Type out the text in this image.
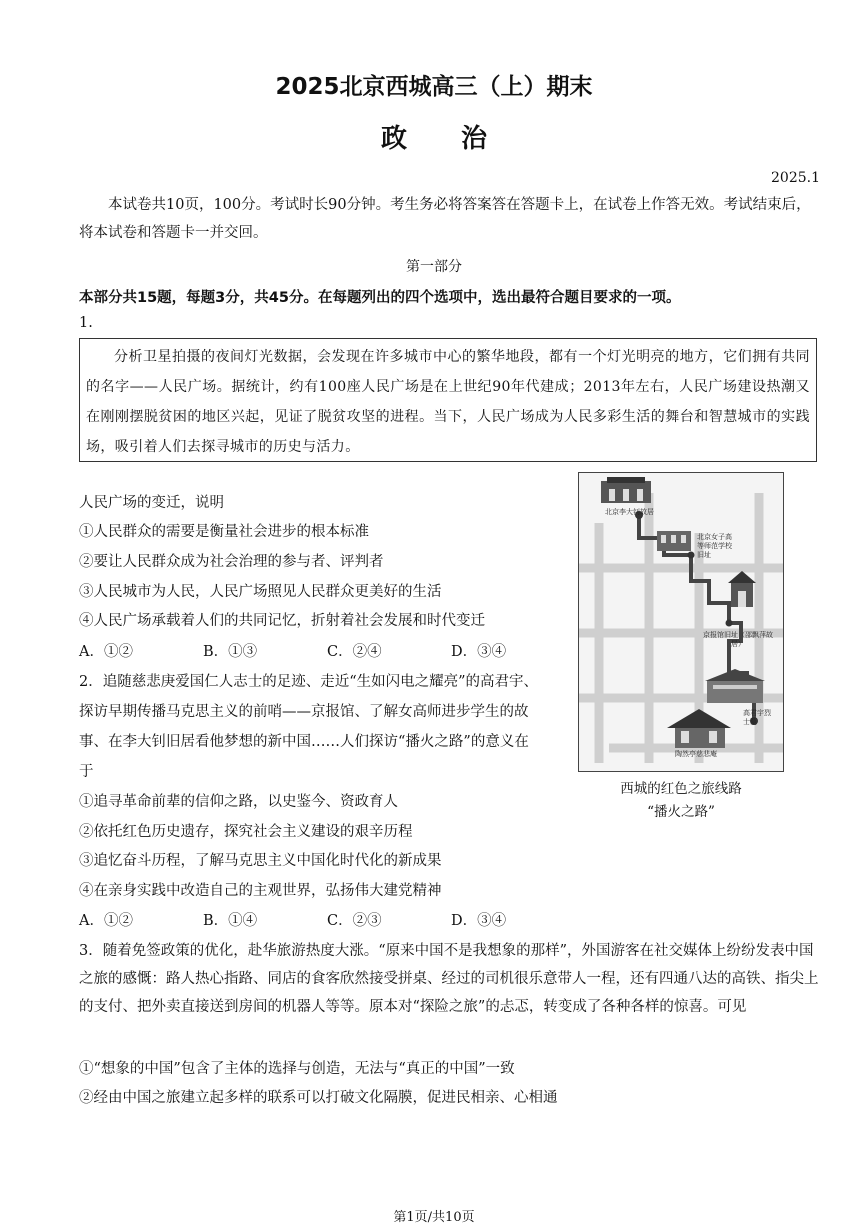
2025北京西城高三（上）期末
政治
2025.1
本试卷共10页，100分。考试时长90分钟。考生务必将答案答在答题卡上，在试卷上作答无效。考试结束后，将本试卷和答题卡一并交回。
第一部分
本部分共15题，每题3分，共45分。在每题列出的四个选项中，选出最符合题目要求的一项。
1.

分析卫星拍摄的夜间灯光数据，会发现在许多城市中心的繁华地段，都有一个灯光明亮的地方，它们拥有共同的名字——人民广场。据统计，约有100座人民广场是在上世纪90年代建成；2013年左右，人民广场建设热潮又在刚刚摆脱贫困的地区兴起，见证了脱贫攻坚的进程。当下，人民广场成为人民多彩生活的舞台和智慧城市的实践场，吸引着人们去探寻城市的历史与活力。

人民广场的变迁，说明
①人民群众的需要是衡量社会进步的根本标准
②要让人民群众成为社会治理的参与者、评判者
③人民城市为人民，人民广场照见人民群众更美好的生活
④人民广场承载着人们的共同记忆，折射着社会发展和时代变迁
A．①②	B．①③	C．②④	D．③④
2．追随慈悲庚爱国仁人志士的足迹、走近“生如闪电之耀亮”的高君宇、
探访早期传播马克思主义的前哨——京报馆、了解女高师进步学生的故
事、在李大钊旧居看他梦想的新中国……人们探访“播火之路”的意义在
于
①追寻革命前辈的信仰之路，以史鉴今、资政育人
②依托红色历史遗存，探究社会主义建设的艰辛历程
③追忆奋斗历程，了解马克思主义中国化时代化的新成果
④在亲身实践中改造自己的主观世界，弘扬伟大建党精神
A．①②	B．①④	C．②③	D．③④
北京李大钊故居
北京女子高等师范学校旧址
京报馆旧址（邵飘萍故居）
高君宇烈士墓
陶然亭慈悲庵
西城的红色之旅线路
“播火之路”
3．随着免签政策的优化，赴华旅游热度大涨。“原来中国不是我想象的那样”，外国游客在社交媒体上纷纷发表中国之旅的感慨：路人热心指路、同店的食客欣然接受拼桌、经过的司机很乐意带人一程，还有四通八达的高铁、指尖上的支付、把外卖直接送到房间的机器人等等。原本对“探险之旅”的忐忑，转变成了各种各样的惊喜。可见
①“想象的中国”包含了主体的选择与创造，无法与“真正的中国”一致
②经由中国之旅建立起多样的联系可以打破文化隔膜，促进民相亲、心相通
第1页/共10页
